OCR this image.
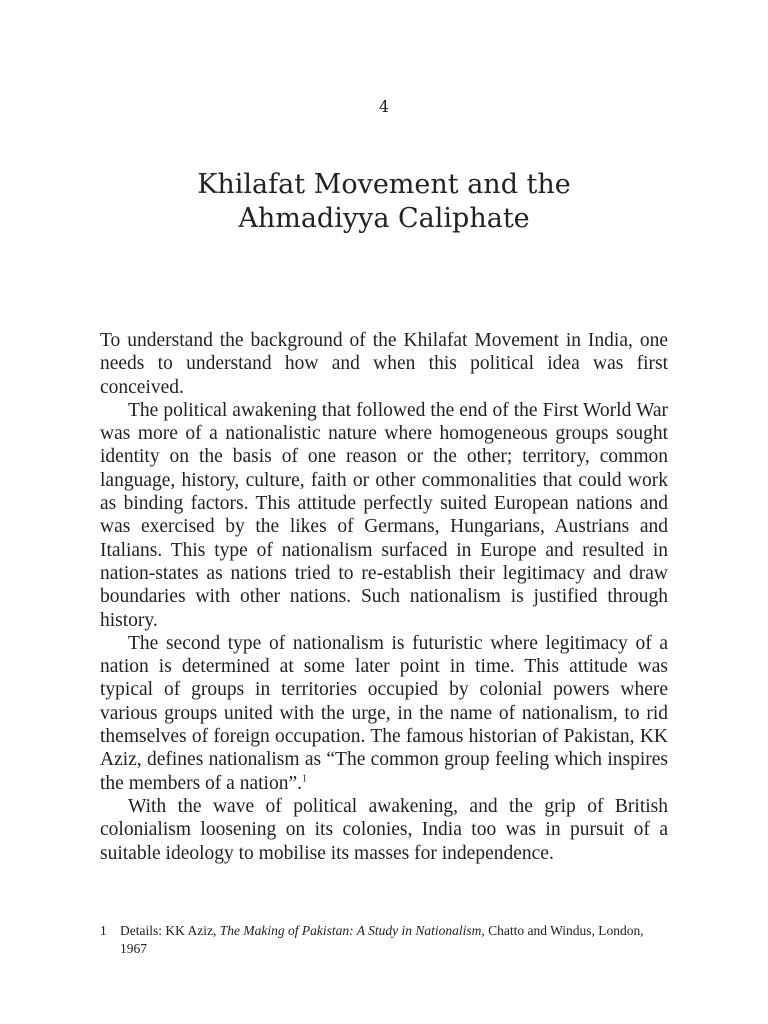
4
Khilafat Movement and the
Ahmadiyya Caliphate

To understand the background of the Khilafat Movement in India, one needs to understand how and when this political idea was first conceived.

The political awakening that followed the end of the First World War was more of a nationalistic nature where homogeneous groups sought identity on the basis of one reason or the other; territory, common language, history, culture, faith or other commonalities that could work as binding factors. This attitude perfectly suited European nations and was exercised by the likes of Germans, Hungarians, Austrians and Italians. This type of nationalism surfaced in Europe and resulted in nation-states as nations tried to re-establish their legitimacy and draw boundaries with other nations. Such nationalism is justified through history.

The second type of nationalism is futuristic where legitimacy of a nation is determined at some later point in time. This attitude was typical of groups in territories occupied by colonial powers where various groups united with the urge, in the name of nationalism, to rid themselves of foreign occupation. The famous historian of Pakistan, KK Aziz, defines nationalism as “The common group feeling which inspires the members of a nation”.$^1$

With the wave of political awakening, and the grip of British colonialism loosening on its colonies, India too was in pursuit of a suitable ideology to mobilise its masses for independence.

1 Details: KK Aziz, The Making of Pakistan: A Study in Nationalism, Chatto and Windus, London, 1967
